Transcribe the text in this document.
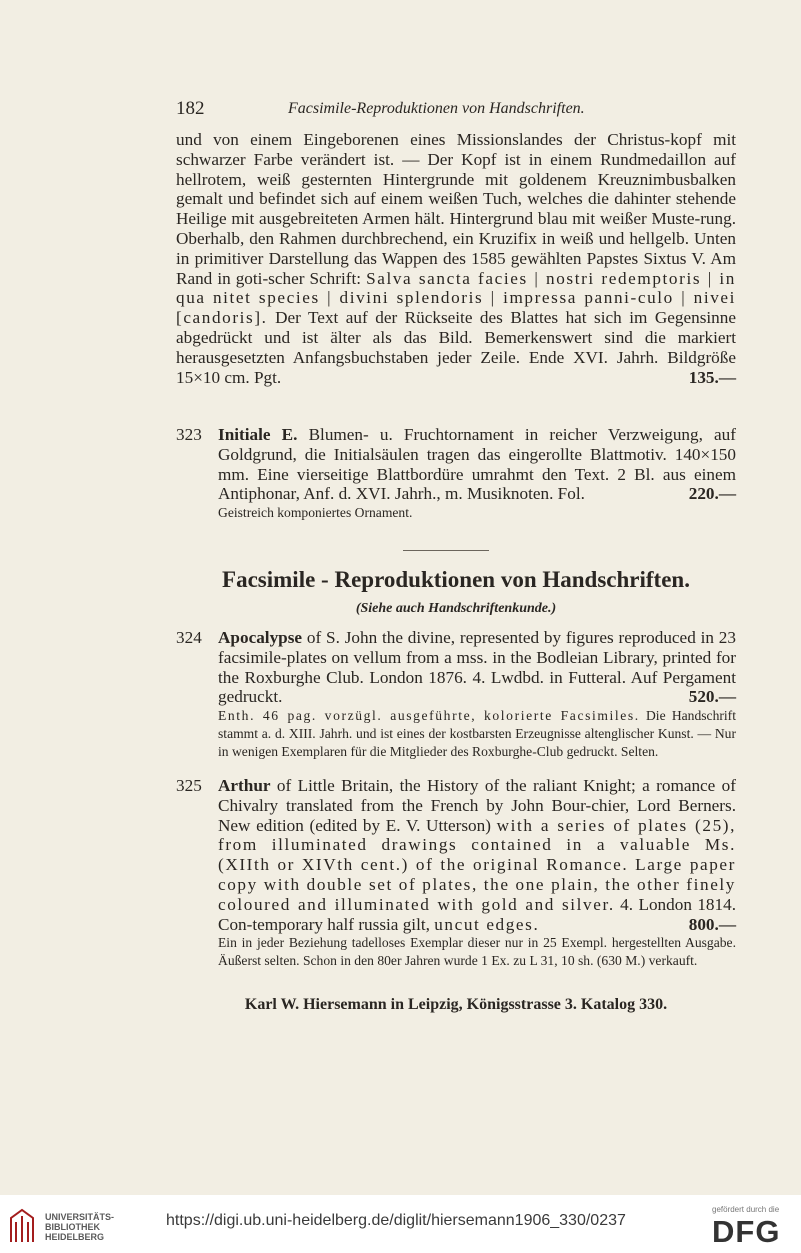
182	Facsimile-Reproduktionen von Handschriften.
und von einem Eingeborenen eines Missionslandes der Christus-kopf mit schwarzer Farbe verändert ist. — Der Kopf ist in einem Rundmedaillon auf hellrotem, weiß gesternten Hintergrunde mit goldenem Kreuznimbusbalken gemalt und befindet sich auf einem weißen Tuch, welches die dahinter stehende Heilige mit ausgebreiteten Armen hält. Hintergrund blau mit weißer Muste-rung. Oberhalb, den Rahmen durchbrechend, ein Kruzifix in weiß und hellgelb. Unten in primitiver Darstellung das Wappen des 1585 gewählten Papstes Sixtus V. Am Rand in goti-scher Schrift: Salva sancta facies | nostri redemptoris | in qua nitet species | divini splendoris | impressa panni-culo | nivei [candoris]. Der Text auf der Rückseite des Blattes hat sich im Gegensinne abgedrückt und ist älter als das Bild. Bemerkenswert sind die markiert herausgesetzten Anfangsbuchstaben jeder Zeile. Ende XVI. Jahrh. Bildgröße 15×10 cm. Pgt.	135.—
323 Initiale E. Blumen- u. Fruchtornament in reicher Verzweigung, auf Goldgrund, die Initialsäulen tragen das eingerollte Blattmotiv. 140×150 mm. Eine vierseitige Blattbordüre umrahmt den Text. 2 Bl. aus einem Antiphonar, Anf. d. XVI. Jahrh., m. Musiknoten. Fol.	220.—
Geistreich komponiertes Ornament.
Facsimile - Reproduktionen von Handschriften.
(Siehe auch Handschriftenkunde.)
324 Apocalypse of S. John the divine, represented by figures reproduced in 23 facsimile-plates on vellum from a mss. in the Bodleian Library, printed for the Roxburghe Club. London 1876. 4. Lwdbd. in Futteral. Auf Pergament gedruckt.	520.—
Enth. 46 pag. vorzügl. ausgeführte, kolorierte Facsimiles. Die Handschrift stammt a. d. XIII. Jahrh. und ist eines der kostbarsten Erzeugnisse altenglischer Kunst. — Nur in wenigen Exemplaren für die Mitglieder des Roxburghe-Club gedruckt. Selten.
325 Arthur of Little Britain, the History of the raliant Knight; a romance of Chivalry translated from the French by John Bour-chier, Lord Berners. New edition (edited by E. V. Utterson) with a series of plates (25), from illuminated drawings contained in a valuable Ms. (XIIth or XIVth cent.) of the original Romance. Large paper copy with double set of plates, the one plain, the other finely coloured and illuminated with gold and silver. 4. London 1814. Con-temporary half russia gilt, uncut edges.	800.—
Ein in jeder Beziehung tadelloses Exemplar dieser nur in 25 Exempl. hergestellten Ausgabe. Äußerst selten. Schon in den 80er Jahren wurde 1 Ex. zu L 31, 10 sh. (630 M.) verkauft.
Karl W. Hiersemann in Leipzig, Königsstrasse 3. Katalog 330.
UNIVERSITÄTS-
BIBLIOTHEK
HEIDELBERG
https://digi.ub.uni-heidelberg.de/diglit/hiersemann1906_330/0237
gefördert durch die
DFG
